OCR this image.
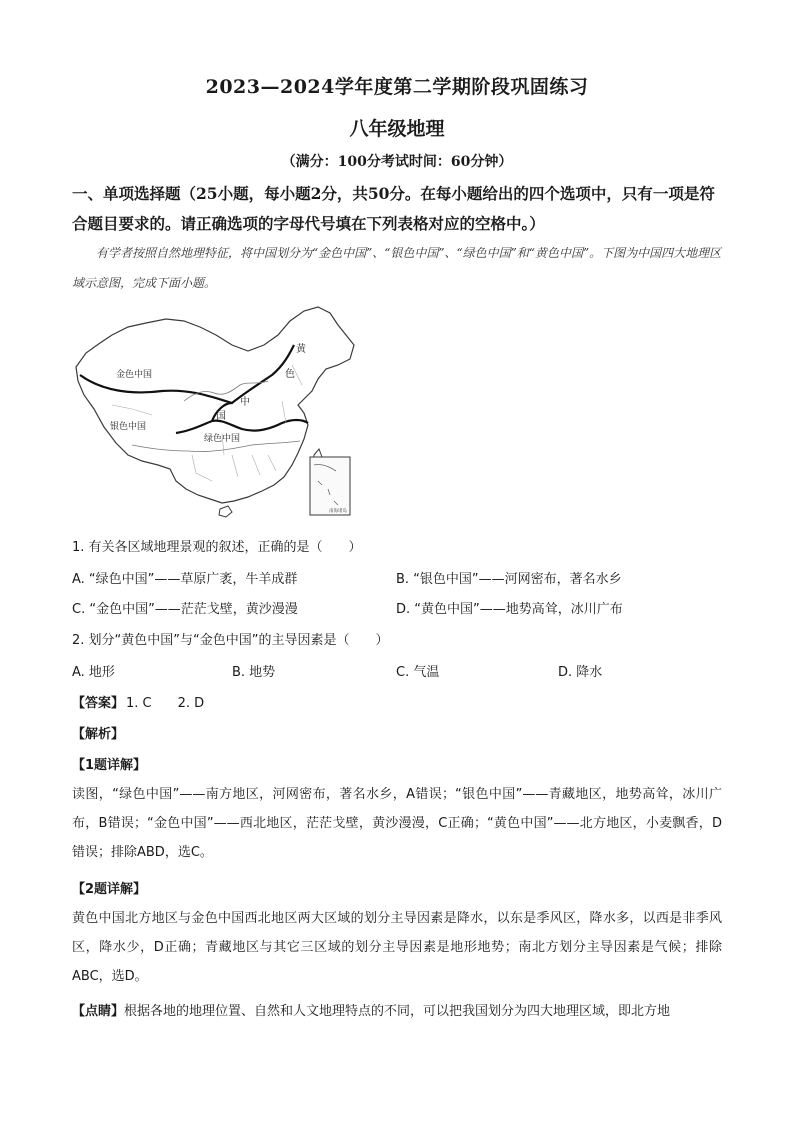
2023—2024学年度第二学期阶段巩固练习
八年级地理
（满分：100分考试时间：60分钟）
一、单项选择题（25小题，每小题2分，共50分。在每小题给出的四个选项中，只有一项是符合题目要求的。请正确选项的字母代号填在下列表格对应的空格中。）
有学者按照自然地理特征，将中国划分为“金色中国”、“银色中国”、“绿色中国”和“黄色中国”。下图为中国四大地理区域示意图，完成下面小题。
南海诸岛
金色中国
银色中国
绿色中国
黄
色
中
国
1. 有关各区域地理景观的叙述，正确的是（　　）
A. “绿色中国”——草原广袤，牛羊成群	B. “银色中国”——河网密布，著名水乡
C. “金色中国”——茫茫戈壁，黄沙漫漫	D. “黄色中国”——地势高耸，冰川广布
2. 划分“黄色中国”与“金色中国”的主导因素是（　　）
A. 地形	B. 地势	C. 气温	D. 降水
【答案】 1. C　　2. D
【解析】
【1题详解】
读图，“绿色中国”——南方地区，河网密布，著名水乡，A错误；“银色中国”——青藏地区，地势高耸，冰川广布，B错误；“金色中国”——西北地区，茫茫戈壁，黄沙漫漫，C正确；“黄色中国”——北方地区，小麦飘香，D错误；排除ABD，选C。
【2题详解】
黄色中国北方地区与金色中国西北地区两大区域的划分主导因素是降水，以东是季风区，降水多，以西是非季风区，降水少，D正确；青藏地区与其它三区域的划分主导因素是地形地势；南北方划分主导因素是气候；排除ABC，选D。
【点睛】根据各地的地理位置、自然和人文地理特点的不同，可以把我国划分为四大地理区域，即北方地
